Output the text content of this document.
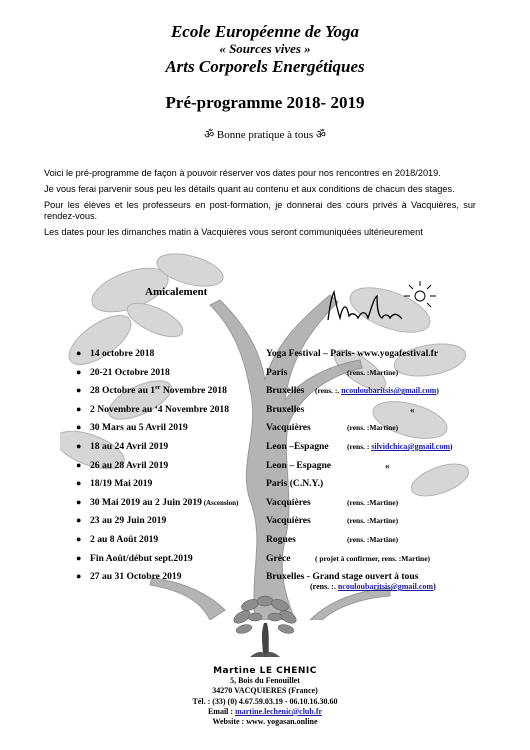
Ecole Européenne de Yoga
« Sources vives »
Arts Corporels Energétiques
Pré-programme 2018- 2019
ॐ Bonne pratique à tous ॐ

Voici le pré-programme de façon à pouvoir réserver vos dates pour nos rencontres en 2018/2019.

Je vous ferai parvenir sous peu les détails quant au contenu et aux conditions de chacun des stages.

Pour les élèves et les professeurs en post-formation, je donnerai des cours privés à Vacquières, sur rendez-vous.

Les dates pour les dimanches matin à Vacquières vous seront communiquées ultérieurement

Amicalement
● 14 octobre 2018	Yoga Festival – Paris- www.yogafestival.fr
● 20-21 Octobre 2018	Paris	(rens. :Martine)
● 28 Octobre au 1er Novembre 2018	Bruxelles (rens. :. ncouloubaritsis@gmail.com)
● 2 Novembre au ‘4 Novembre 2018	Bruxelles	«
● 30 Mars au 5 Avril 2019	Vacquières	(rens. :Martine)
● 18 au 24 Avril 2019	Leon –Espagne (rens. : silvidchica@gmail.com)
● 26 au 28 Avril 2019	Leon – Espagne	«
● 18/19 Mai 2019	Paris (C.N.Y.)
● 30 Mai 2019 au 2 Juin 2019 (Ascension)	Vacquières	(rens. :Martine)
● 23 au 29 Juin 2019	Vacquières	(rens. :Martine)
● 2 au 8 Août 2019	Rogues	(rens. :Martine)
● Fin Août/début sept.2019	Grèce	( projet à confirmer, rens. :Martine)
● 27 au 31 Octobre 2019	Bruxelles - Grand stage ouvert à tous
(rens. :. ncouloubaritsis@gmail.com)
Martine LE CHENIC
5, Bois du Fenouillet
34270 VACQUIERES (France)
Tél. : (33) (0) 4.67.59.03.19 - 06.10.16.30.60
Email : martine.lechenic@club.fr
Website : www. yogasan.online
